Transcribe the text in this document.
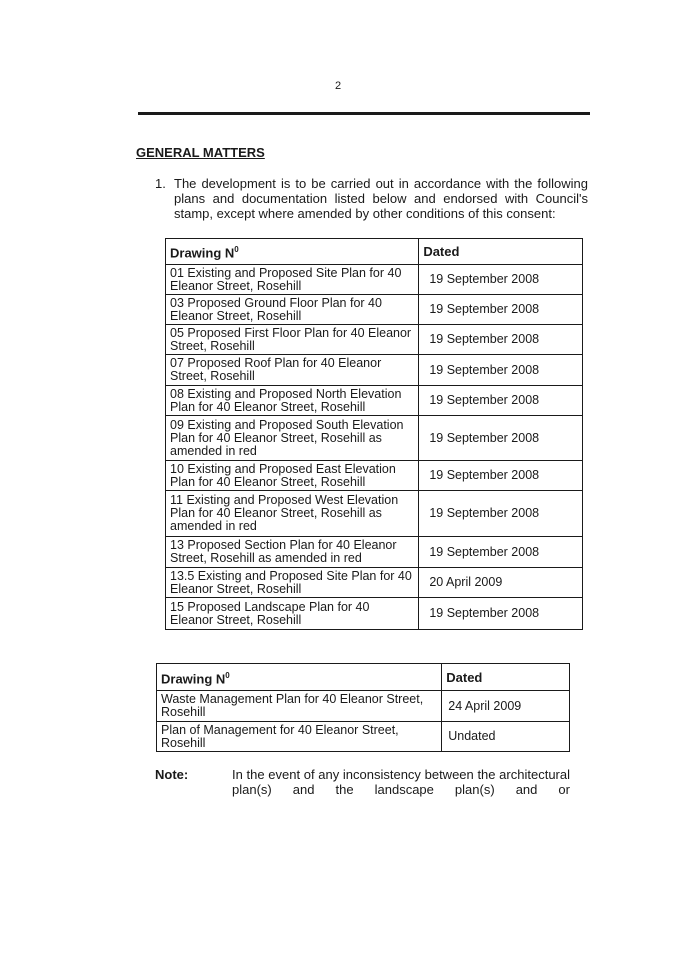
2
GENERAL MATTERS
1. The development is to be carried out in accordance with the following plans and documentation listed below and endorsed with Council's stamp, except where amended by other conditions of this consent:
Drawing $N^0$	Dated
01 Existing and Proposed Site Plan for 40 Eleanor Street, Rosehill	19 September 2008
03 Proposed Ground Floor Plan for 40 Eleanor Street, Rosehill	19 September 2008
05 Proposed First Floor Plan for 40 Eleanor Street, Rosehill	19 September 2008
07 Proposed Roof Plan for 40 Eleanor Street, Rosehill	19 September 2008
08 Existing and Proposed North Elevation Plan for 40 Eleanor Street, Rosehill	19 September 2008
09 Existing and Proposed South Elevation Plan for 40 Eleanor Street, Rosehill as amended in red	19 September 2008
10 Existing and Proposed East Elevation Plan for 40 Eleanor Street, Rosehill	19 September 2008
11 Existing and Proposed West Elevation Plan for 40 Eleanor Street, Rosehill as amended in red	19 September 2008
13 Proposed Section Plan for 40 Eleanor Street, Rosehill as amended in red	19 September 2008
13.5 Existing and Proposed Site Plan for 40 Eleanor Street, Rosehill	20 April 2009
15 Proposed Landscape Plan for 40 Eleanor Street, Rosehill	19 September 2008
Drawing $N^0$	Dated
Waste Management Plan for 40 Eleanor Street, Rosehill	24 April 2009
Plan of Management for 40 Eleanor Street, Rosehill	Undated
Note:	In the event of any inconsistency between the architectural plan(s) and the landscape plan(s) and or
